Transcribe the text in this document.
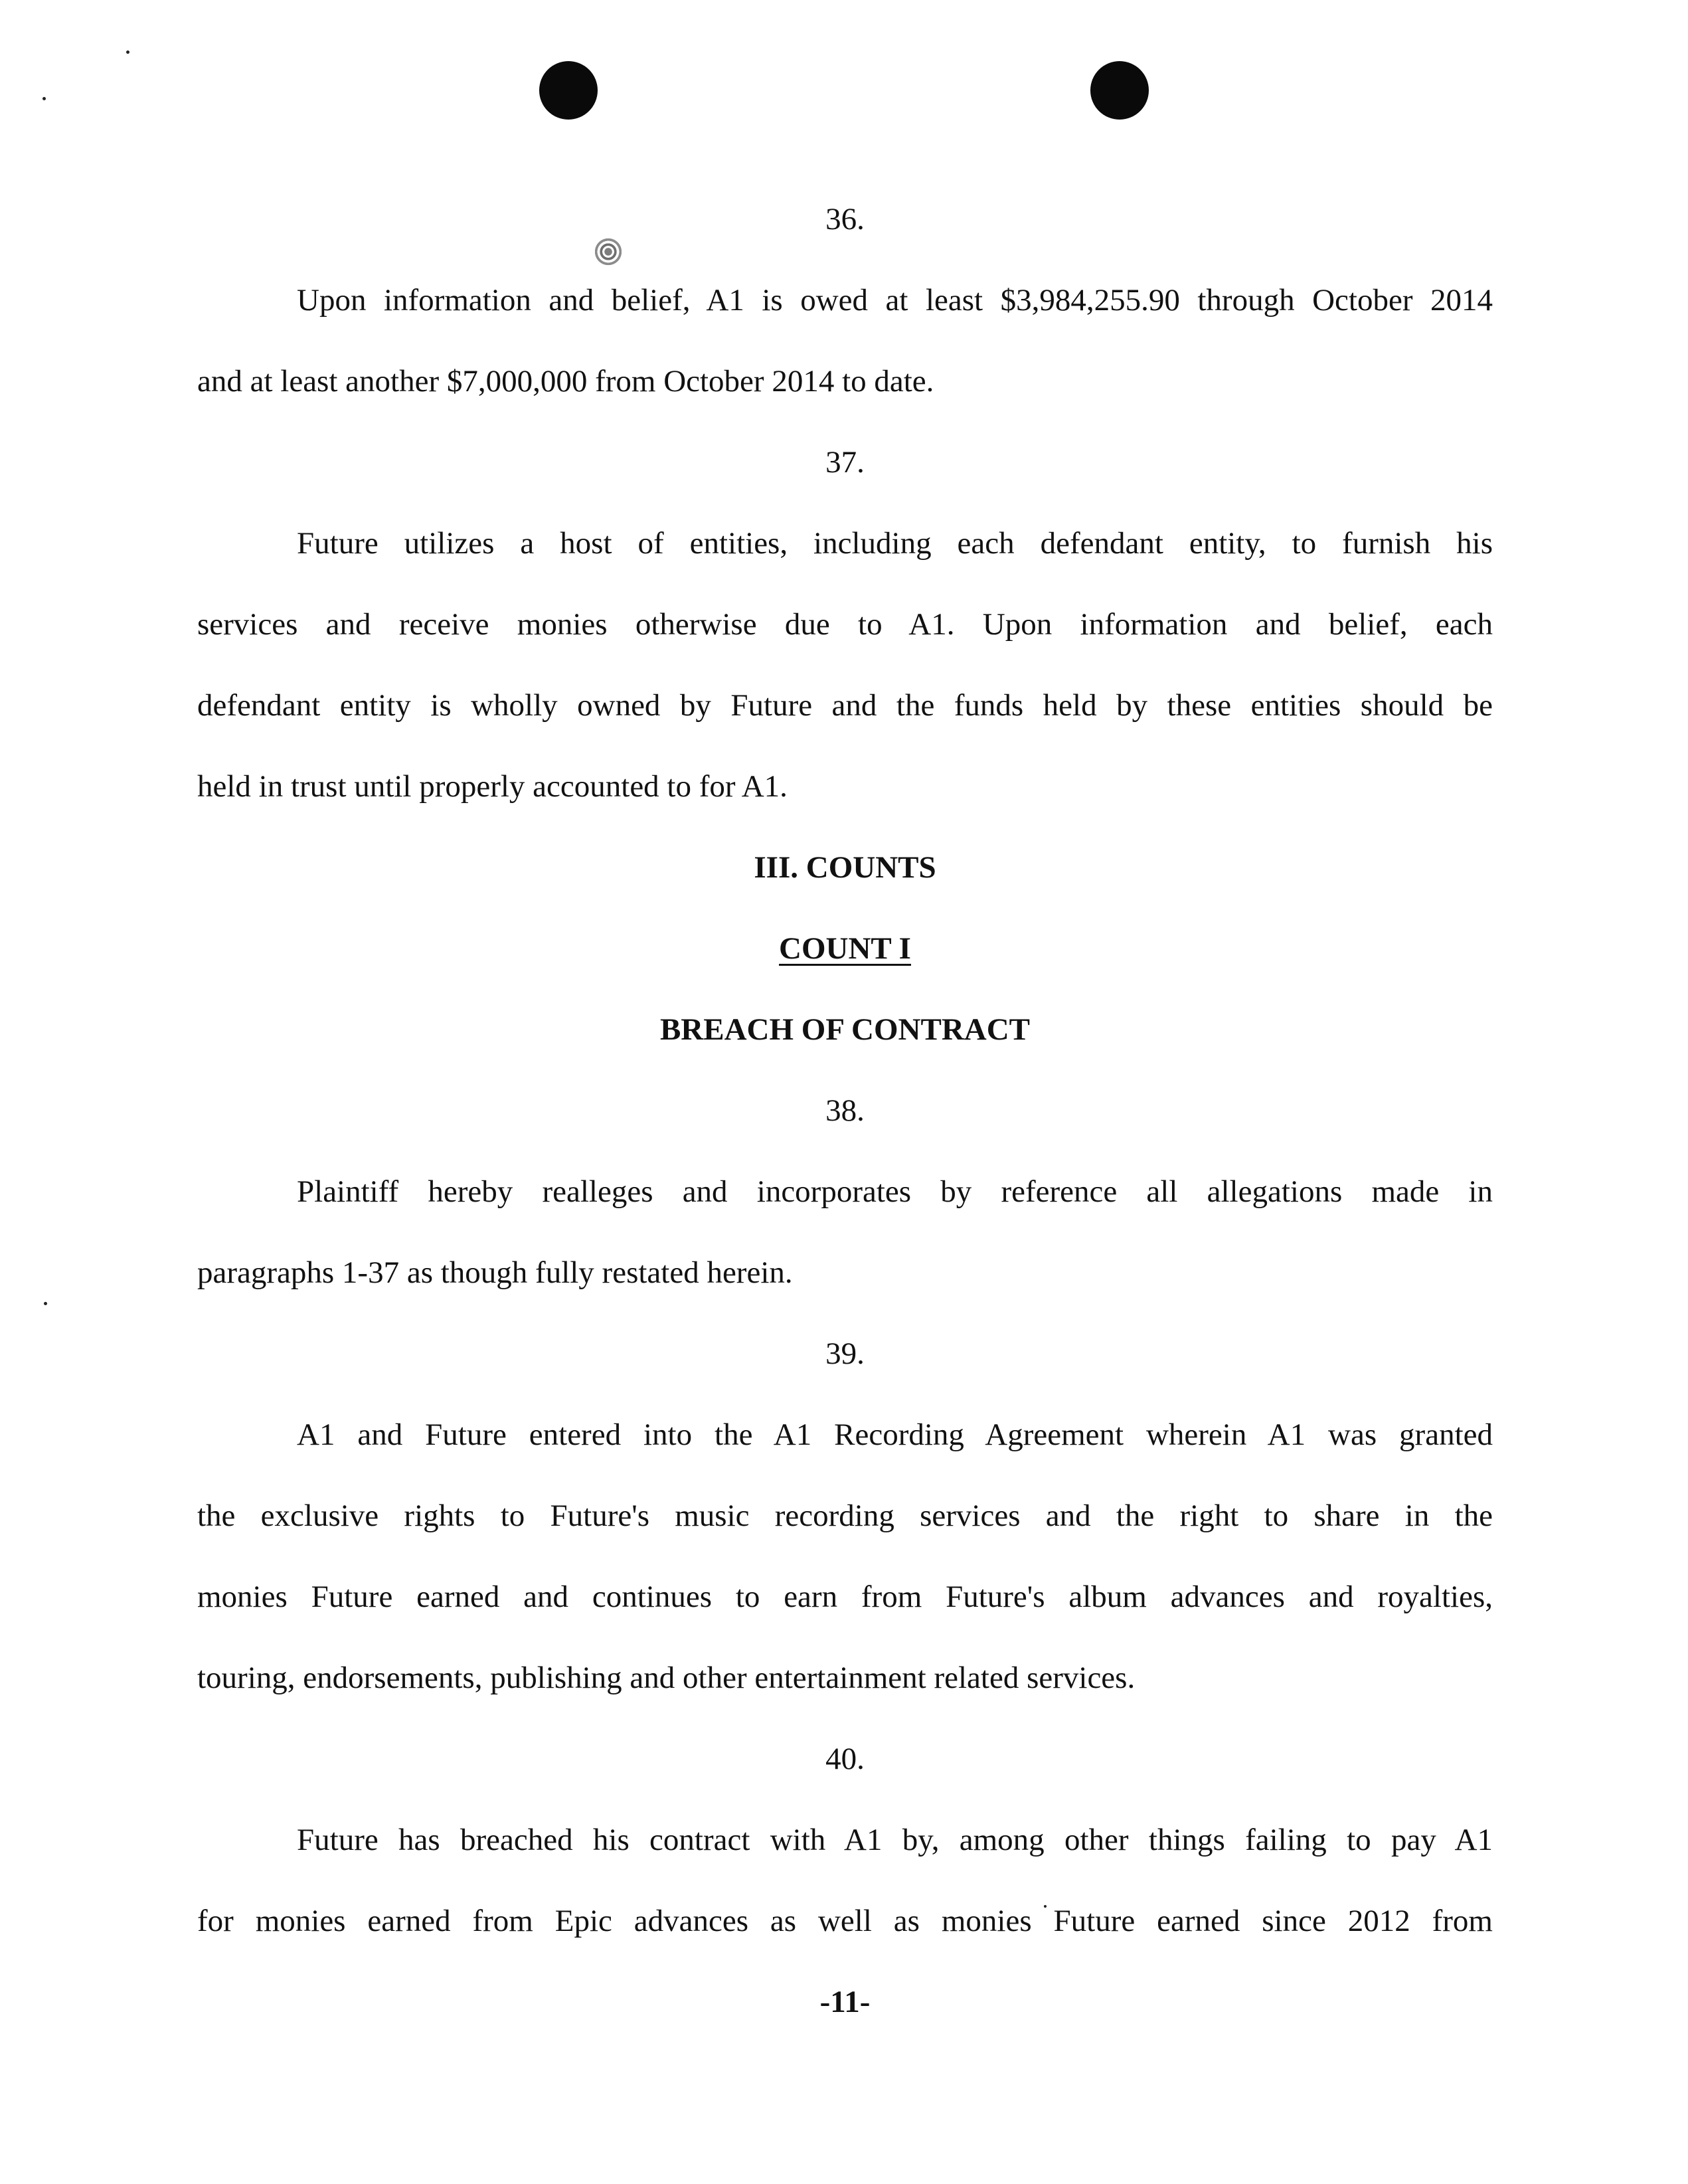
36.
Upon information and belief, A1 is owed at least $3,984,255.90 through October 2014
and at least another $7,000,000 from October 2014 to date.
37.
Future utilizes a host of entities, including each defendant entity, to furnish his
services and receive monies otherwise due to A1. Upon information and belief, each
defendant entity is wholly owned by Future and the funds held by these entities should be
held in trust until properly accounted to for A1.
III. COUNTS
COUNT I
BREACH OF CONTRACT
38.
Plaintiff hereby realleges and incorporates by reference all allegations made in
paragraphs 1-37 as though fully restated herein.
39.
A1 and Future entered into the A1 Recording Agreement wherein A1 was granted
the exclusive rights to Future's music recording services and the right to share in the
monies Future earned and continues to earn from Future's album advances and royalties,
touring, endorsements, publishing and other entertainment related services.
40.
Future has breached his contract with A1 by, among other things failing to pay A1
for monies earned from Epic advances as well as monies Future earned since 2012 from
-11-
